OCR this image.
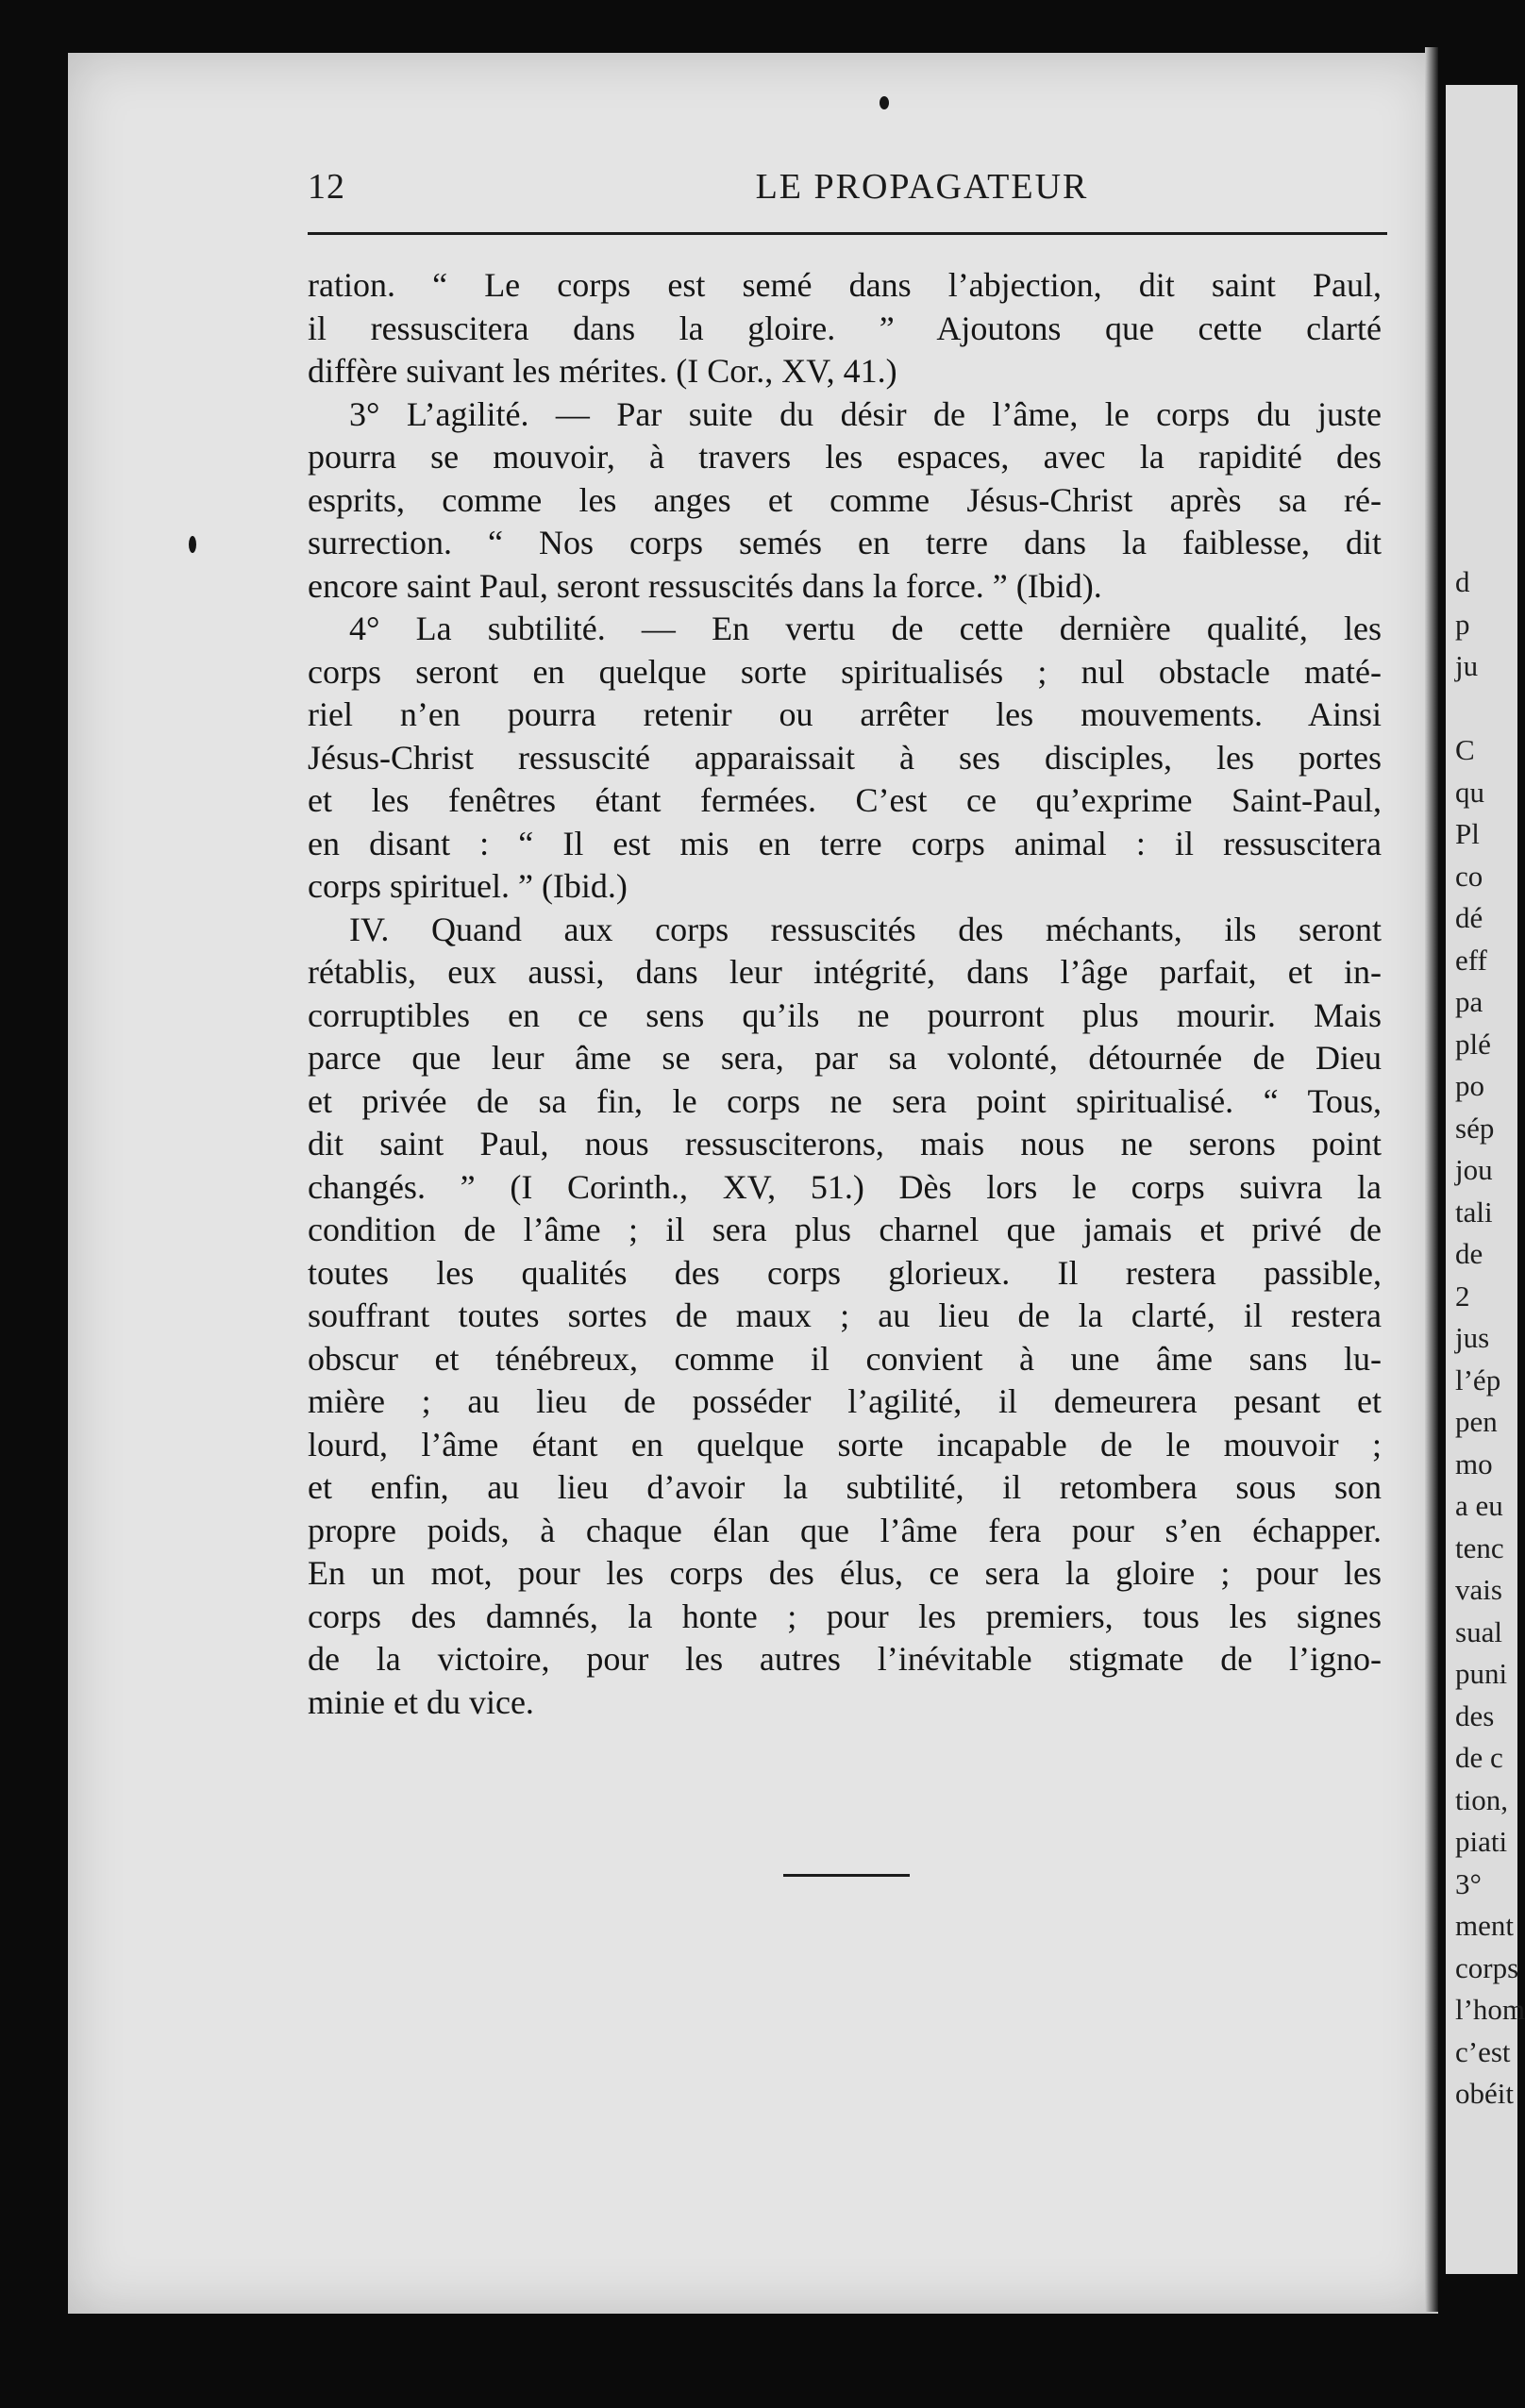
d
p
ju
C
qu
Pl
co
dé
eff
pa
plé
po
sép
jou
tali
de
2
jus
l’ép
pen
mo
a eu
tenc
vais
sual
puni
des
de c
tion,
piati
3°
ment
corps
l’hom
c’est
obéit
12	LE PROPAGATEUR
ration. “ Le corps est semé dans l’abjection, dit saint Paul,
il ressuscitera dans la gloire. ” Ajoutons que cette clarté
diffère suivant les mérites. (I Cor., XV, 41.)
3° L’agilité. — Par suite du désir de l’âme, le corps du juste
pourra se mouvoir, à travers les espaces, avec la rapidité des
esprits, comme les anges et comme Jésus-Christ après sa ré-
surrection. “ Nos corps semés en terre dans la faiblesse, dit
encore saint Paul, seront ressuscités dans la force. ” (Ibid).
4° La subtilité. — En vertu de cette dernière qualité, les
corps seront en quelque sorte spiritualisés ; nul obstacle maté-
riel n’en pourra retenir ou arrêter les mouvements. Ainsi
Jésus-Christ ressuscité apparaissait à ses disciples, les portes
et les fenêtres étant fermées. C’est ce qu’exprime Saint-Paul,
en disant : “ Il est mis en terre corps animal : il ressuscitera
corps spirituel. ” (Ibid.)
IV. Quand aux corps ressuscités des méchants, ils seront
rétablis, eux aussi, dans leur intégrité, dans l’âge parfait, et in-
corruptibles en ce sens qu’ils ne pourront plus mourir. Mais
parce que leur âme se sera, par sa volonté, détournée de Dieu
et privée de sa fin, le corps ne sera point spiritualisé. “ Tous,
dit saint Paul, nous ressusciterons, mais nous ne serons point
changés. ” (I Corinth., XV, 51.) Dès lors le corps suivra la
condition de l’âme ; il sera plus charnel que jamais et privé de
toutes les qualités des corps glorieux. Il restera passible,
souffrant toutes sortes de maux ; au lieu de la clarté, il restera
obscur et ténébreux, comme il convient à une âme sans lu-
mière ; au lieu de posséder l’agilité, il demeurera pesant et
lourd, l’âme étant en quelque sorte incapable de le mouvoir ;
et enfin, au lieu d’avoir la subtilité, il retombera sous son
propre poids, à chaque élan que l’âme fera pour s’en échapper.
En un mot, pour les corps des élus, ce sera la gloire ; pour les
corps des damnés, la honte ; pour les premiers, tous les signes
de la victoire, pour les autres l’inévitable stigmate de l’igno-
minie et du vice.
